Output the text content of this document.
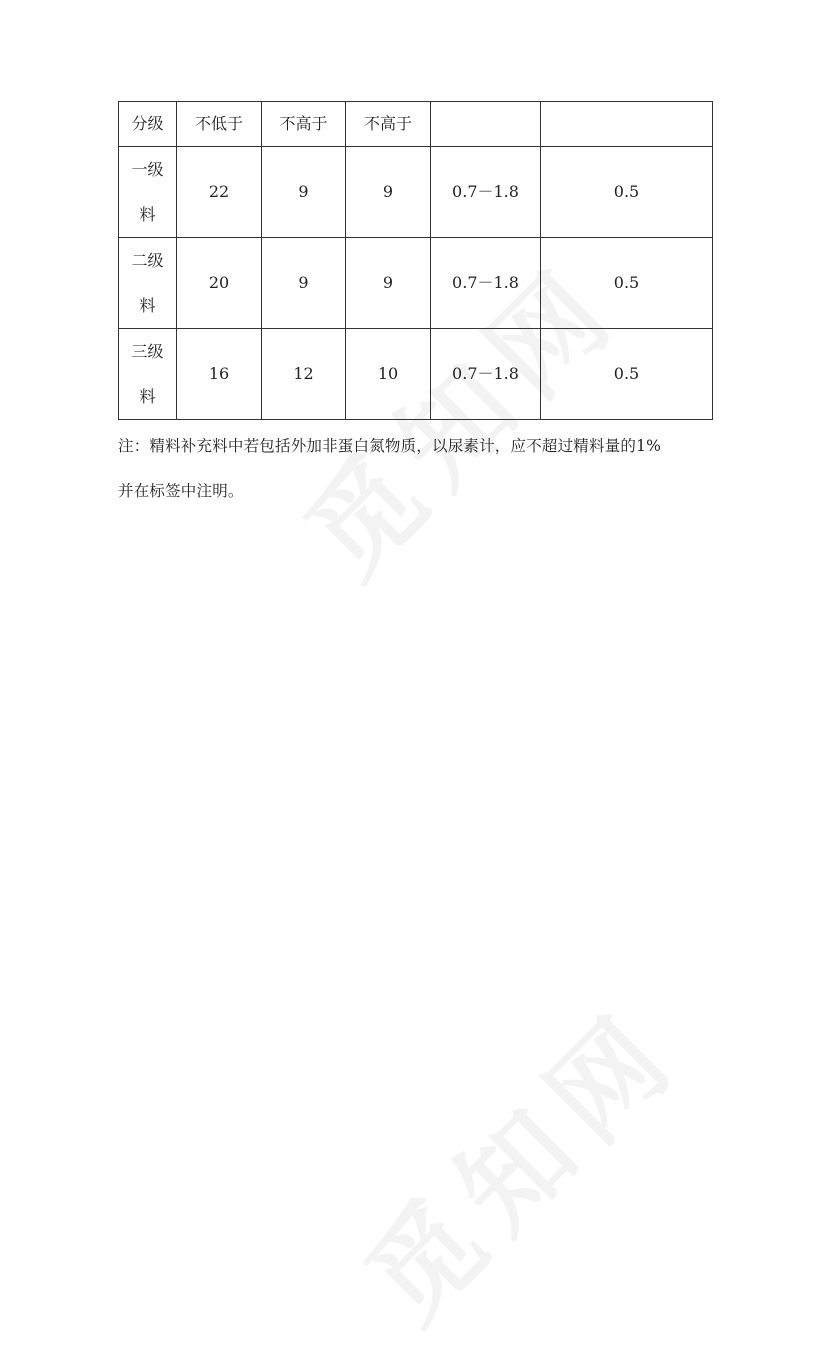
分级	不低于	不高于	不高于		
一级料	22	9	9	0.7－1.8	0.5
二级料	20	9	9	0.7－1.8	0.5
三级料	16	12	10	0.7－1.8	0.5
注：精料补充料中若包括外加非蛋白氮物质，以尿素计，应不超过精料量的1%
并在标签中注明。
